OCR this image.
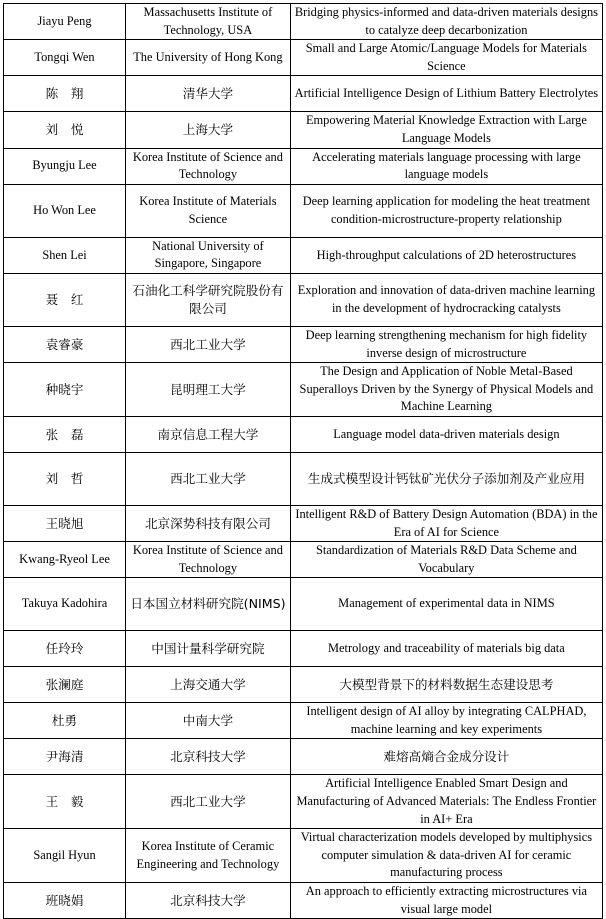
Jiayu Peng	Massachusetts Institute of Technology, USA	Bridging physics-informed and data-driven materials designs to catalyze deep decarbonization
Tongqi Wen	The University of Hong Kong	Small and Large Atomic/Language Models for Materials Science
陈　翔	清华大学	Artificial Intelligence Design of Lithium Battery Electrolytes
刘　悦	上海大学	Empowering Material Knowledge Extraction with Large Language Models
Byungju Lee	Korea Institute of Science and Technology	Accelerating materials language processing with large language models
Ho Won Lee	Korea Institute of Materials Science	Deep learning application for modeling the heat treatment condition-microstructure-property relationship
Shen Lei	National University of Singapore, Singapore	High-throughput calculations of 2D heterostructures
聂　红	石油化工科学研究院股份有限公司	Exploration and innovation of data-driven machine learning in the development of hydrocracking catalysts
袁睿豪	西北工业大学	Deep learning strengthening mechanism for high fidelity inverse design of microstructure
种晓宇	昆明理工大学	The Design and Application of Noble Metal-Based Superalloys Driven by the Synergy of Physical Models and Machine Learning
张　磊	南京信息工程大学	Language model data-driven materials design
刘　哲	西北工业大学	生成式模型设计钙钛矿光伏分子添加剂及产业应用
王晓旭	北京深势科技有限公司	Intelligent R&D of Battery Design Automation (BDA) in the Era of AI for Science
Kwang-Ryeol Lee	Korea Institute of Science and Technology	Standardization of Materials R&D Data Scheme and Vocabulary
Takuya Kadohira	日本国立材料研究院(NIMS)	Management of experimental data in NIMS
任玲玲	中国计量科学研究院	Metrology and traceability of materials big data
张澜庭	上海交通大学	大模型背景下的材料数据生态建设思考
杜勇	中南大学	Intelligent design of AI alloy by integrating CALPHAD, machine learning and key experiments
尹海清	北京科技大学	难熔高熵合金成分设计
王　毅	西北工业大学	Artificial Intelligence Enabled Smart Design and Manufacturing of Advanced Materials: The Endless Frontier in AI+ Era
Sangil Hyun	Korea Institute of Ceramic Engineering and Technology	Virtual characterization models developed by multiphysics computer simulation & data-driven AI for ceramic manufacturing process
班晓娟	北京科技大学	An approach to efficiently extracting microstructures via visual large model
